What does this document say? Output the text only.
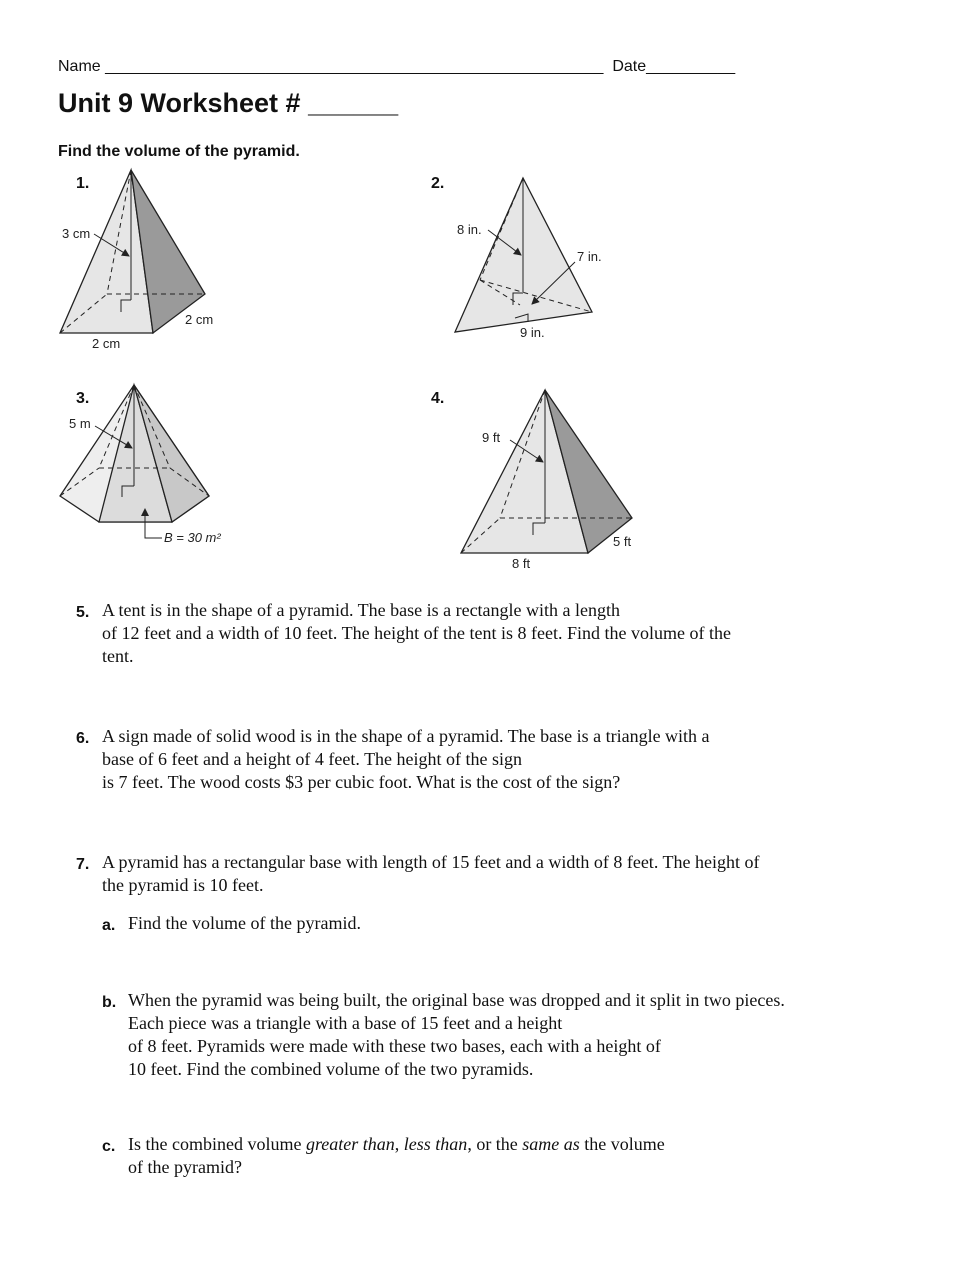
Name ________________________________________________________ Date__________
Unit 9 Worksheet # ______
Find the volume of the pyramid.
1.	2.
3.	4.
3 cm
2 cm
2 cm
8 in.
7 in.
9 in.
5 m
B = 30 m²
9 ft
5 ft
8 ft
5. A tent is in the shape of a pyramid. The base is a rectangle with a length
of 12 feet and a width of 10 feet. The height of the tent is 8 feet. Find the volume of the
tent.
6. A sign made of solid wood is in the shape of a pyramid. The base is a triangle with a
base of 6 feet and a height of 4 feet. The height of the sign
is 7 feet. The wood costs $3 per cubic foot. What is the cost of the sign?
7. A pyramid has a rectangular base with length of 15 feet and a width of 8 feet. The height of
the pyramid is 10 feet.
a. Find the volume of the pyramid.
b. When the pyramid was being built, the original base was dropped and it split in two pieces.
Each piece was a triangle with a base of 15 feet and a height
of 8 feet. Pyramids were made with these two bases, each with a height of
10 feet. Find the combined volume of the two pyramids.
c. Is the combined volume greater than, less than, or the same as the volume
of the pyramid?
